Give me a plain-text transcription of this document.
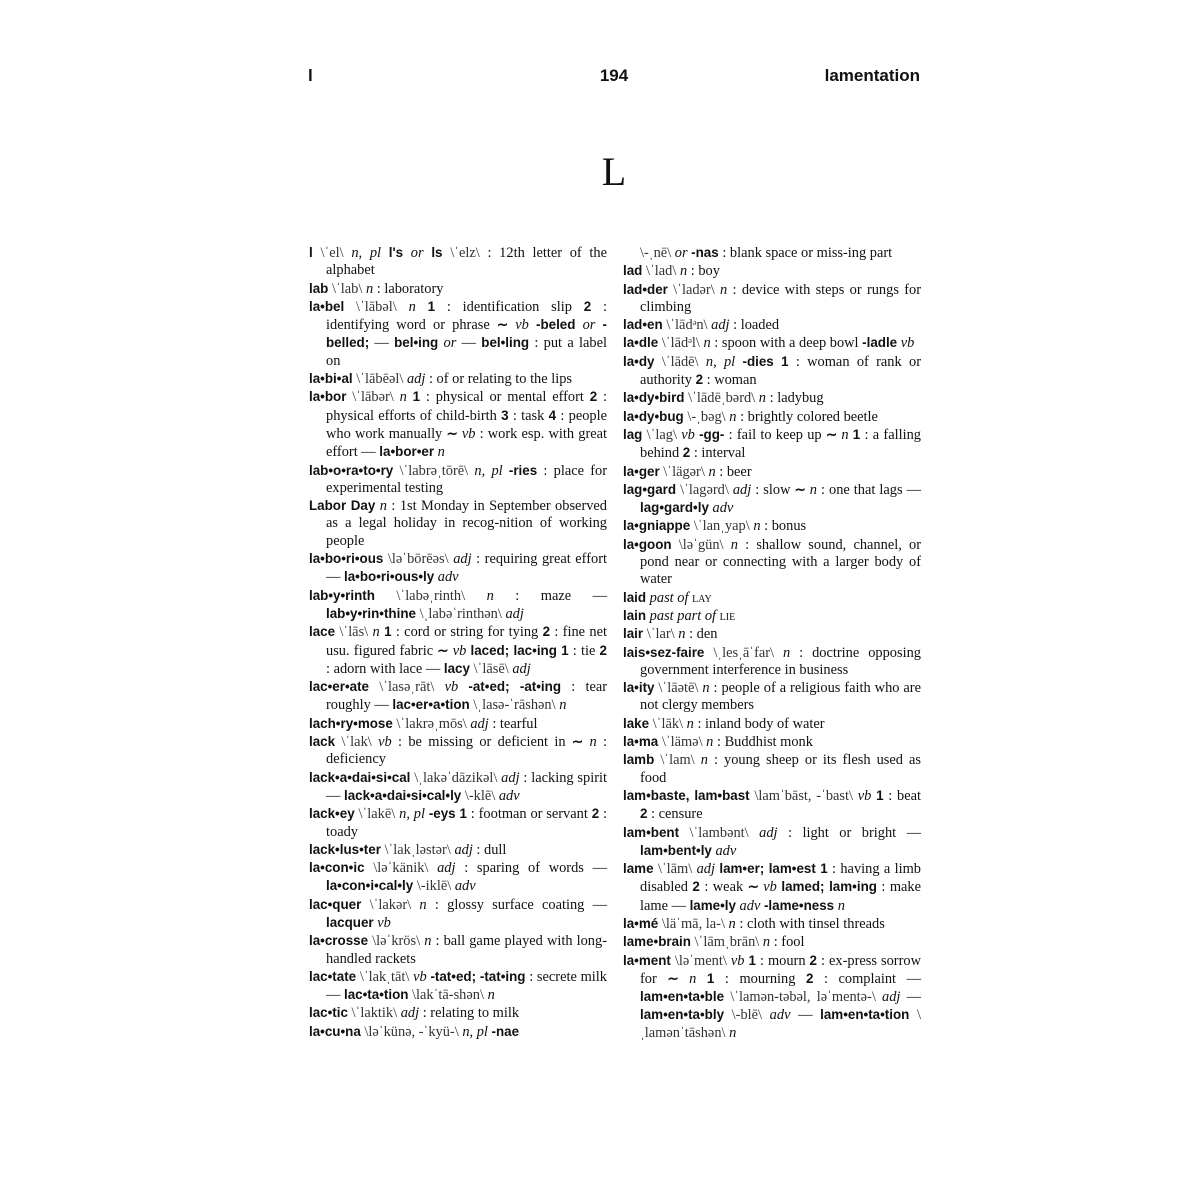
l	194	lamentation
L

l \ˈel\ n, pl l's or ls \ˈelz\ : 12th letter of the alphabet

lab \ˈlab\ n : laboratory

la•bel \ˈlābəl\ n 1 : identification slip 2 : identifying word or phrase ∼ vb -beled or -belled; — bel•ing or — bel•ling : put a label on

la•bi•al \ˈlābēəl\ adj : of or relating to the lips

la•bor \ˈlābər\ n 1 : physical or mental effort 2 : physical efforts of child-birth 3 : task 4 : people who work manually ∼ vb : work esp. with great effort — la•bor•er n

lab•o•ra•to•ry \ˈlabrəˌtōrē\ n, pl -ries : place for experimental testing

Labor Day n : 1st Monday in September observed as a legal holiday in recog-nition of working people

la•bo•ri•ous \ləˈbōrēəs\ adj : requiring great effort — la•bo•ri•ous•ly adv

lab•y•rinth \ˈlabəˌrinth\ n : maze — lab•y•rin•thine \ˌlabəˈrinthən\ adj

lace \ˈlās\ n 1 : cord or string for tying 2 : fine net usu. figured fabric ∼ vb laced; lac•ing 1 : tie 2 : adorn with lace — lacy \ˈlāsē\ adj

lac•er•ate \ˈlasəˌrāt\ vb -at•ed; -at•ing : tear roughly — lac•er•a•tion \ˌlasə-ˈrāshən\ n

lach•ry•mose \ˈlakrəˌmōs\ adj : tearful

lack \ˈlak\ vb : be missing or deficient in ∼ n : deficiency

lack•a•dai•si•cal \ˌlakəˈdāzikəl\ adj : lacking spirit — lack•a•dai•si•cal•ly \-klē\ adv

lack•ey \ˈlakē\ n, pl -eys 1 : footman or servant 2 : toady

lack•lus•ter \ˈlakˌləstər\ adj : dull

la•con•ic \ləˈkänik\ adj : sparing of words — la•con•i•cal•ly \-iklē\ adv

lac•quer \ˈlakər\ n : glossy surface coating — lacquer vb

la•crosse \ləˈkrös\ n : ball game played with long-handled rackets

lac•tate \ˈlakˌtāt\ vb -tat•ed; -tat•ing : secrete milk — lac•ta•tion \lakˈtā-shən\ n

lac•tic \ˈlaktik\ adj : relating to milk

la•cu•na \ləˈkünə, -ˈkyü-\ n, pl -nae

\-ˌnē\ or -nas : blank space or miss-ing part

lad \ˈlad\ n : boy

lad•der \ˈladər\ n : device with steps or rungs for climbing

lad•en \ˈlādᵊn\ adj : loaded

la•dle \ˈlādᵊl\ n : spoon with a deep bowl -ladle vb

la•dy \ˈlādē\ n, pl -dies 1 : woman of rank or authority 2 : woman

la•dy•bird \ˈlādēˌbərd\ n : ladybug

la•dy•bug \-ˌbəg\ n : brightly colored beetle

lag \ˈlag\ vb -gg- : fail to keep up ∼ n 1 : a falling behind 2 : interval

la•ger \ˈlägər\ n : beer

lag•gard \ˈlagərd\ adj : slow ∼ n : one that lags — lag•gard•ly adv

la•gniappe \ˈlanˌyap\ n : bonus

la•goon \ləˈgün\ n : shallow sound, channel, or pond near or connecting with a larger body of water

laid past of lay

lain past part of lie

lair \ˈlar\ n : den

lais•sez-faire \ˌlesˌāˈfar\ n : doctrine opposing government interference in business

la•ity \ˈlāətē\ n : people of a religious faith who are not clergy members

lake \ˈlāk\ n : inland body of water

la•ma \ˈlämə\ n : Buddhist monk

lamb \ˈlam\ n : young sheep or its flesh used as food

lam•baste, lam•bast \lamˈbāst, -ˈbast\ vb 1 : beat 2 : censure

lam•bent \ˈlambənt\ adj : light or bright — lam•bent•ly adv

lame \ˈlām\ adj lam•er; lam•est 1 : having a limb disabled 2 : weak ∼ vb lamed; lam•ing : make lame — lame•ly adv -lame•ness n

la•mé \läˈmā, la-\ n : cloth with tinsel threads

lame•brain \ˈlāmˌbrān\ n : fool

la•ment \ləˈment\ vb 1 : mourn 2 : ex-press sorrow for ∼ n 1 : mourning 2 : complaint — lam•en•ta•ble \ˈlamən-təbəl, ləˈmentə-\ adj — lam•en•ta•bly \-blē\ adv — lam•en•ta•tion \ˌlamənˈtāshən\ n
